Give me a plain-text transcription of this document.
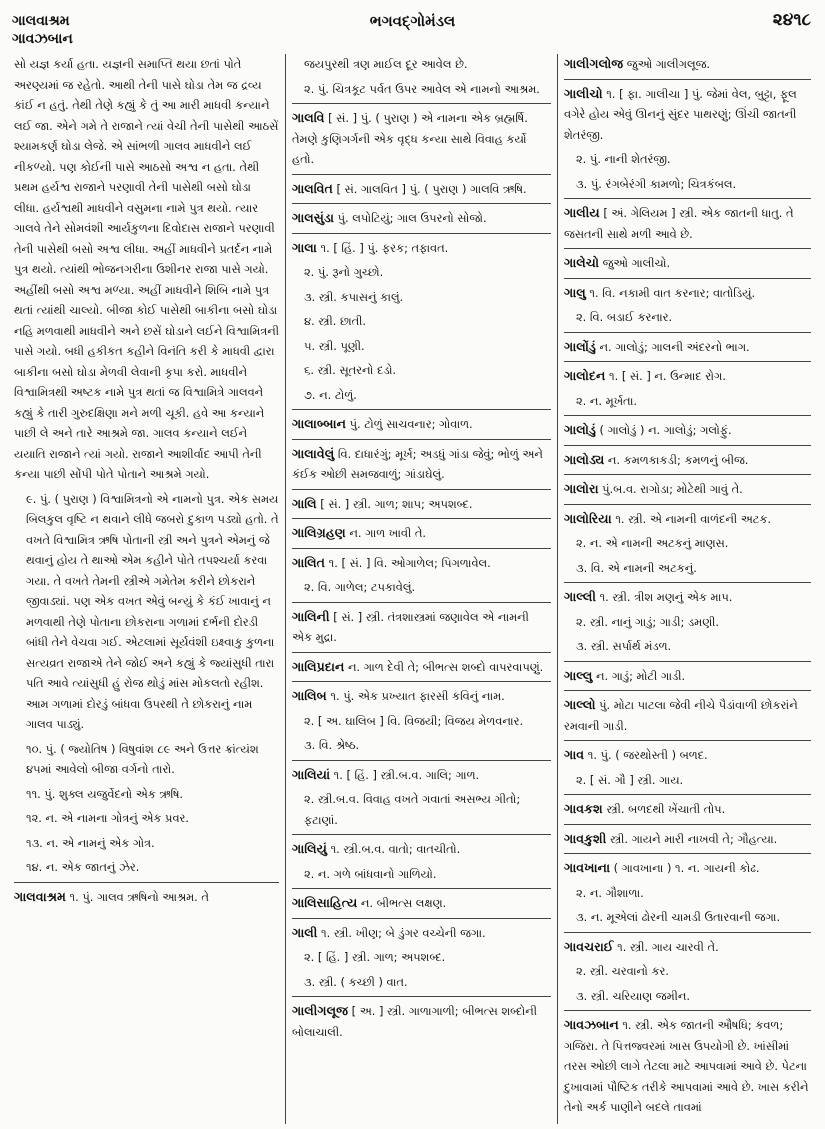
ગાલવાશ્રમ
ગાવઝબાન
ભગવદ્ગોમંડલ	૨૪૧૮

સો યજ્ઞ કર્યા હતા. યજ્ઞની સમાપ્તિ થયા છતાં પોતે અરણ્યમાં જ રહેતો. આથી તેની પાસે ઘોડા તેમ જ દ્રવ્ય કાંઈ ન હતું. તેથી તેણે કહ્યું કે તું આ મારી માધવી કન્યાને લઈ જા. એને ગમે તે રાજાને ત્યાં વેચી તેની પાસેથી આઠસેં શ્યામકર્ણ ઘોડા લેજે. એ સાંભળી ગાલવ માધવીને લઈ નીકળ્યો. પણ કોઈની પાસે આઠસો અશ્વ ન હતા. તેથી પ્રથમ હર્યશ્વ રાજાને પરણાવી તેની પાસેથી બસો ઘોડા લીધા. હર્યશ્વથી માધવીને વસુમના નામે પુત્ર થયો. ત્યાર ગાલવે તેને સોમવંશી આર્યકુળના દિવોદાસ રાજાને પરણાવી તેની પાસેથી બસો અશ્વ લીધા. અહીં માધવીને પ્રતર્દન નામે પુત્ર થયો. ત્યાંથી ભોજનગરીના ઉશીનર રાજા પાસે ગયો. અહીંથી બસો અશ્વ મળ્યા. અહીં માધવીને શિબિ નામે પુત્ર થતાં ત્યાંથી ચાલ્યો. બીજા કોઈ પાસેથી બાકીના બસો ઘોડા નહિ મળવાથી માધવીને અને છસેં ઘોડાને લઈને વિશ્વામિત્રની પાસે ગયો. બધી હકીકત કહીને વિનંતિ કરી કે માધવી દ્વારા બાકીના બસો ઘોડા મેળવી લેવાની કૃપા કરો. માધવીને વિશ્વામિત્રથી અષ્ટક નામે પુત્ર થતાં જ વિશ્વામિત્રે ગાલવને કહ્યું કે તારી ગુરુદક્ષિણા મને મળી ચૂકી. હવે આ કન્યાને પાછી લે અને તારે આશ્રમે જા. ગાલવ કન્યાને લઈને યયાતિ રાજાને ત્યાં ગયો. રાજાને આશીર્વાદ આપી તેની કન્યા પાછી સોંપી પોતે પોતાને આશ્રમે ગયો.

૯. પું. ( પુરાણ ) વિશ્વામિત્રનો એ નામનો પુત્ર. એક સમય બિલકુલ વૃષ્ટિ ન થવાને લીધે જબરો દુકાળ પડ્યો હતો. તે વખતે વિશ્વામિત્ર ઋષિ પોતાની સ્ત્રી અને પુત્રને એમનું જે થવાનું હોય તે થાઓ એમ કહીને પોતે તપશ્ચર્યા કરવા ગયા. તે વખતે તેમની સ્ત્રીએ ગમેતેમ કરીને છોકરાને જીવાડ્યાં. પણ એક વખત એવું બન્યું કે કંઈ ખાવાનું ન મળવાથી તેણે પોતાના છોકરાના ગળામાં દર્ભની દોરડી બાંધી તેને વેચવા ગઈ. એટલામાં સૂર્યવંશી ઇક્ષ્વાકુ કુળના સત્યવ્રત રાજાએ તેને જોઈ અને કહ્યું કે જ્યાંસુધી તારા પતિ આવે ત્યાંસુધી હું રોજ થોડું માંસ મોકલતો રહીશ. આમ ગળામાં દોરડું બાંધવા ઉપરથી તે છોકરાનું નામ ગાલવ પાડ્યું.

૧૦. પું. ( જ્યોતિષ ) વિષુવાંશ ૮૯ અને ઉત્તર ક્રાંત્યંશ ૪૫માં આવેલો બીજા વર્ગનો તારો.

૧૧. પું. શુક્લ યજુર્વેદનો એક ઋષિ.

૧૨. ન. એ નામના ગોત્રનું એક પ્રવર.

૧૩. ન. એ નામનું એક ગોત્ર.

૧૪. ન. એક જાતનું ઝેર.

ગાલવાશ્રમ ૧. પું. ગાલવ ઋષિનો આશ્રમ. તે

જયપુરથી ત્રણ માઈલ દૂર આવેલ છે.

૨. પું. ચિત્રકૂટ પર્વત ઉપર આવેલ એ નામનો આશ્રમ.

ગાલવિ [ સં. ] પું. ( પુરાણ ) એ નામના એક બ્રહ્મર્ષિ. તેમણે કુણિગર્ગની એક વૃદ્ધ કન્યા સાથે વિવાહ કર્યો હતો.

ગાલવિત [ સં. ગાલવિત ] પું. ( પુરાણ ) ગાલવિ ઋષિ.

ગાલસુંડા પું. લપોટિયું; ગાલ ઉપરનો સોજો.

ગાલા ૧. [ હિં. ] પું. ફરક; તફાવત.

૨. પું. રૂનો ગુચ્છો.

૩. સ્ત્રી. કપાસનું કાલું.

૪. સ્ત્રી. છાતી.

૫. સ્ત્રી. પૂણી.

૬. સ્ત્રી. સૂતરનો દડો.

૭. ન. ટોળું.

ગાલાબ્બાન પું. ટોળું સાચવનાર; ગોવાળ.

ગાલાવેલું વિ. દાધારંગું; મૂર્ખ; અડધું ગાંડા જેવું; ભોળું અને કંઈક ઓછી સમજવાળું; ગાંડાઘેલું.

ગાલિ [ સં. ] સ્ત્રી. ગાળ; શાપ; અપશબ્દ.

ગાલિગ્રહણ ન. ગાળ ખાવી તે.

ગાલિત ૧. [ સં. ] વિ. ઓગાળેલ; પિગળાવેલ.

૨. વિ. ગાળેલ; ટપકાવેલું.

ગાલિની [ સં. ] સ્ત્રી. તંત્રશાસ્ત્રમાં જણાવેલ એ નામની એક મુદ્રા.

ગાલિપ્રદાન ન. ગાળ દેવી તે; બીભત્સ શબ્દો વાપરવાપણું.

ગાલિબ ૧. પું. એક પ્રખ્યાત ફારસી કવિનું નામ.

૨. [ અ. ઘાલિબ ] વિ. વિજયી; વિજય મેળવનાર.

૩. વિ. શ્રેષ્ઠ.

ગાલિયાં ૧. [ હિં. ] સ્ત્રી.બ.વ. ગાલિ; ગાળ.

૨. સ્ત્રી.બ.વ. વિવાહ વખતે ગવાતાં અસભ્ય ગીતો; ફટાણાં.

ગાલિયું ૧. સ્ત્રી.બ.વ. વાતો; વાતચીતો.

૨. ન. ગળે બાંધવાનો ગાળિયો.

ગાલિસાહિત્ય ન. બીભત્સ લક્ષણ.

ગાલી ૧. સ્ત્રી. ખીણ; બે ડુંગર વચ્ચેની જગા.

૨. [ હિં. ] સ્ત્રી. ગાળ; અપશબ્દ.

૩. સ્ત્રી. ( કચ્છી ) વાત.

ગાલીગલૂજ [ અ. ] સ્ત્રી. ગાળાગાળી; બીભત્સ શબ્દોની બોલાચાલી.

ગાલીગલોજ જુઓ ગાલીગલૂજ.

ગાલીચો ૧. [ ફા. ગાલીચા ] પું. જેમાં વેલ, બુટ્ટા, ફૂલ વગેરે હોય એવું ઊનનું સુંદર પાથરણું; ઊંચી જાતની શેતરંજી.

૨. પું. નાની શેતરંજી.

૩. પું. રંગબેરંગી કામળો; ચિત્રકંબલ.

ગાલીય [ અં. ગેલિયમ ] સ્ત્રી. એક જાતની ધાતુ. તે જસતની સાથે મળી આવે છે.

ગાલેચો જુઓ ગાલીચો.

ગાલુ ૧. વિ. નકામી વાત કરનાર; વાતોડિયું.

૨. વિ. બડાઈ કરનાર.

ગાલોંડું ન. ગાલોડું; ગાલની અંદરનો ભાગ.

ગાલોદન ૧. [ સં. ] ન. ઉન્માદ રોગ.

૨. ન. મૂર્ખતા.

ગાલોડું ( ગાલોડું ) ન. ગાલોડું; ગલોફું.

ગાલોડ્ય ન. કમળકાકડી; કમળનું બીજ.

ગાલોરા પું.બ.વ. રાગોડા; મોટેથી ગાવું તે.

ગાલોરિયા ૧. સ્ત્રી. એ નામની વાળંદની અટક.

૨. ન. એ નામની અટકનું માણસ.

૩. વિ. એ નામની અટકનું.

ગાલ્લી ૧. સ્ત્રી. ત્રીશ મણનું એક માપ.

૨. સ્ત્રી. નાનું ગાડું; ગાડી; ડમણી.

૩. સ્ત્રી. સર્પાર્થ મંડળ.

ગાલ્લુ ન. ગાડું; મોટી ગાડી.

ગાલ્લો પું. મોટા પાટલા જેવી નીચે પૈડાંવાળી છોકરાંને રમવાની ગાડી.

ગાવ ૧. પું. ( જરથોસ્તી ) બળદ.

૨. [ સં. ગૌ ] સ્ત્રી. ગાય.

ગાવકશ સ્ત્રી. બળદથી ખેંચાતી તોપ.

ગાવકુશી સ્ત્રી. ગાયને મારી નાખવી તે; ગૌહત્યા.

ગાવખાના ( ગાવખાના ) ૧. ન. ગાયની કોઢ.

૨. ન. ગૌશાળા.

૩. ન. મૂએલાં ઢોરની ચામડી ઉતારવાની જગા.

ગાવચરાઈ ૧. સ્ત્રી. ગાય ચારવી તે.

૨. સ્ત્રી. ચરવાનો કર.

૩. સ્ત્રી. ચરિયાણ જમીન.

ગાવઝબાન ૧. સ્ત્રી. એક જાતની ઔષધિ; કવળ; ગજિરા. તે પિત્તજ્વરમાં ખાસ ઉપયોગી છે. ખાંસીમાં તરસ ઓછી લાગે તેટલા માટે આપવામાં આવે છે. પેટના દુખાવામાં પૌષ્ટિક તરીકે આપવામાં આવે છે. ખાસ કરીને તેનો અર્ક પાણીને બદલે તાવમાં
